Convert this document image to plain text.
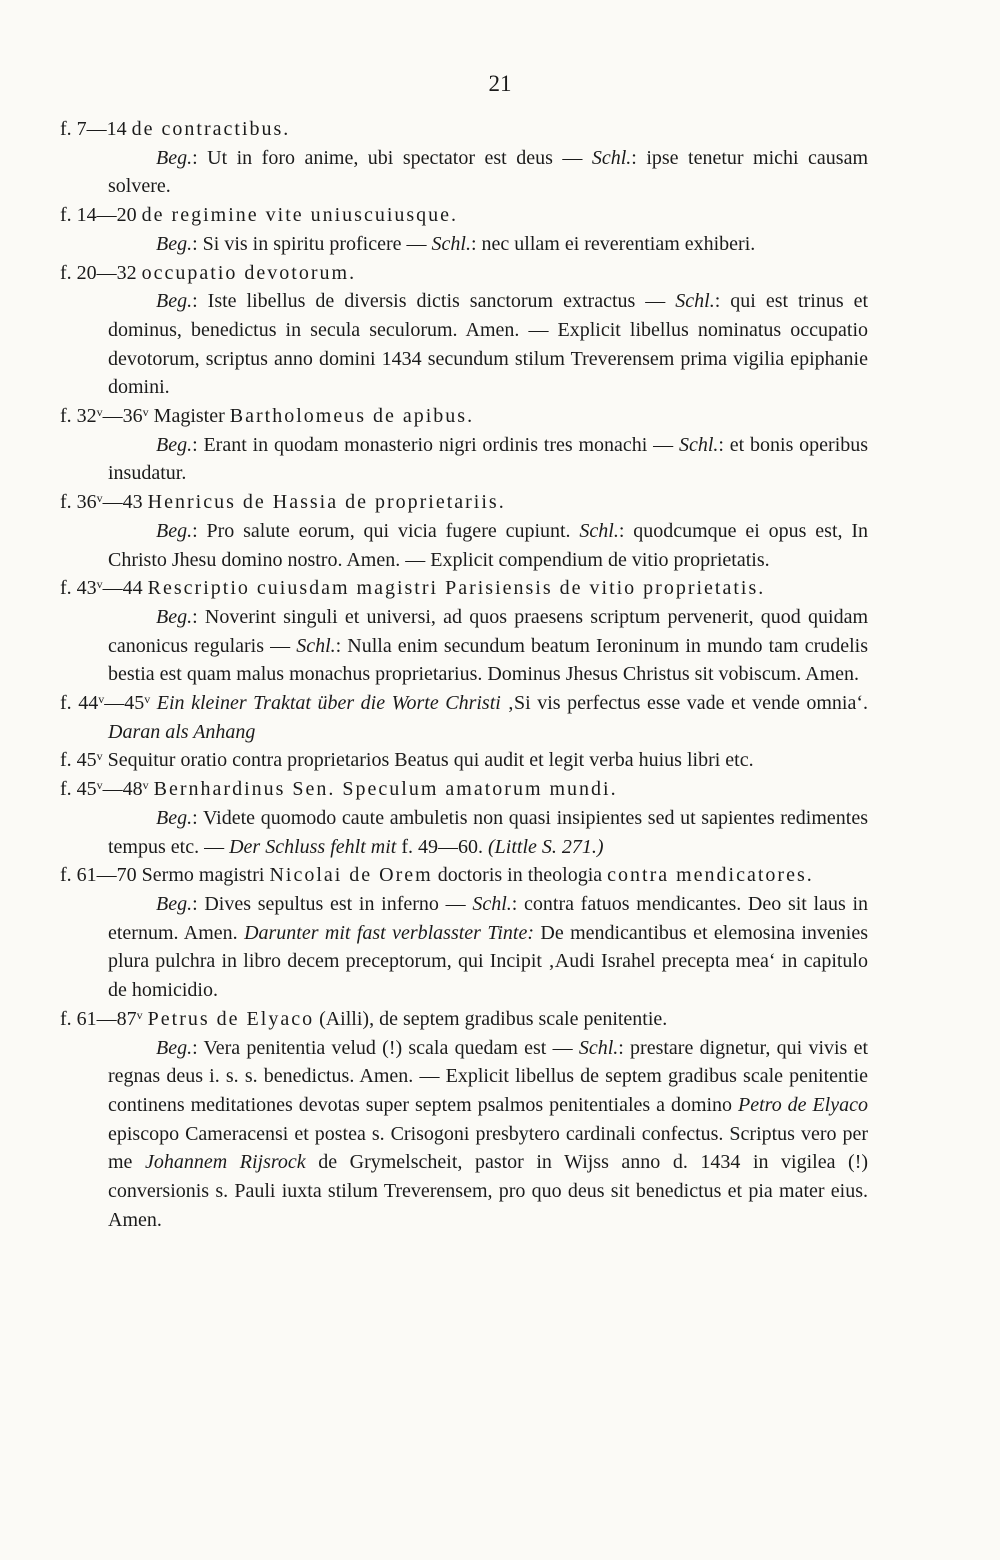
21
f. 7—14 de contractibus.
Beg.: Ut in foro anime, ubi spectator est deus — Schl.: ipse tenetur michi causam solvere.
f. 14—20 de regimine vite uniuscuiusque.
Beg.: Si vis in spiritu proficere — Schl.: nec ullam ei reverentiam exhiberi.
f. 20—32 occupatio devotorum.
Beg.: Iste libellus de diversis dictis sanctorum extractus — Schl.: qui est trinus et dominus, benedictus in secula seculorum. Amen. — Explicit libellus nominatus occupatio devotorum, scriptus anno domini 1434 secundum stilum Treverensem prima vigilia epiphanie domini.
f. 32$^v$—36$^v$ Magister Bartholomeus de apibus.
Beg.: Erant in quodam monasterio nigri ordinis tres monachi — Schl.: et bonis operibus insudatur.
f. 36$^v$—43 Henricus de Hassia de proprietariis.
Beg.: Pro salute eorum, qui vicia fugere cupiunt. Schl.: quodcumque ei opus est, In Christo Jhesu domino nostro. Amen. — Explicit compendium de vitio proprietatis.
f. 43$^v$—44 Rescriptio cuiusdam magistri Parisiensis de vitio proprietatis.
Beg.: Noverint singuli et universi, ad quos praesens scriptum pervenerit, quod quidam canonicus regularis — Schl.: Nulla enim secundum beatum Ieroninum in mundo tam crudelis bestia est quam malus monachus proprietarius. Dominus Jhesus Christus sit vobiscum. Amen.
f. 44$^v$—45$^v$ Ein kleiner Traktat über die Worte Christi ‚Si vis perfectus esse vade et vende omnia‘. Daran als Anhang
f. 45$^v$ Sequitur oratio contra proprietarios Beatus qui audit et legit verba huius libri etc.
f. 45$^v$—48$^v$ Bernhardinus Sen. Speculum amatorum mundi.
Beg.: Videte quomodo caute ambuletis non quasi insipientes sed ut sapientes redimentes tempus etc. — Der Schluss fehlt mit f. 49—60. (Little S. 271.)
f. 61—70 Sermo magistri Nicolai de Orem doctoris in theologia contra mendicatores.
Beg.: Dives sepultus est in inferno — Schl.: contra fatuos mendicantes. Deo sit laus in eternum. Amen. Darunter mit fast verblasster Tinte: De mendicantibus et elemosina invenies plura pulchra in libro decem preceptorum, qui Incipit ‚Audi Israhel precepta mea‘ in capitulo de homicidio.
f. 61—87$^v$ Petrus de Elyaco (Ailli), de septem gradibus scale penitentie.
Beg.: Vera penitentia velud (!) scala quedam est — Schl.: prestare dignetur, qui vivis et regnas deus i. s. s. benedictus. Amen. — Explicit libellus de septem gradibus scale penitentie continens meditationes devotas super septem psalmos penitentiales a domino Petro de Elyaco episcopo Cameracensi et postea s. Crisogoni presbytero cardinali confectus. Scriptus vero per me Johannem Rijsrock de Grymelscheit, pastor in Wijss anno d. 1434 in vigilea (!) conversionis s. Pauli iuxta stilum Treverensem, pro quo deus sit benedictus et pia mater eius. Amen.
